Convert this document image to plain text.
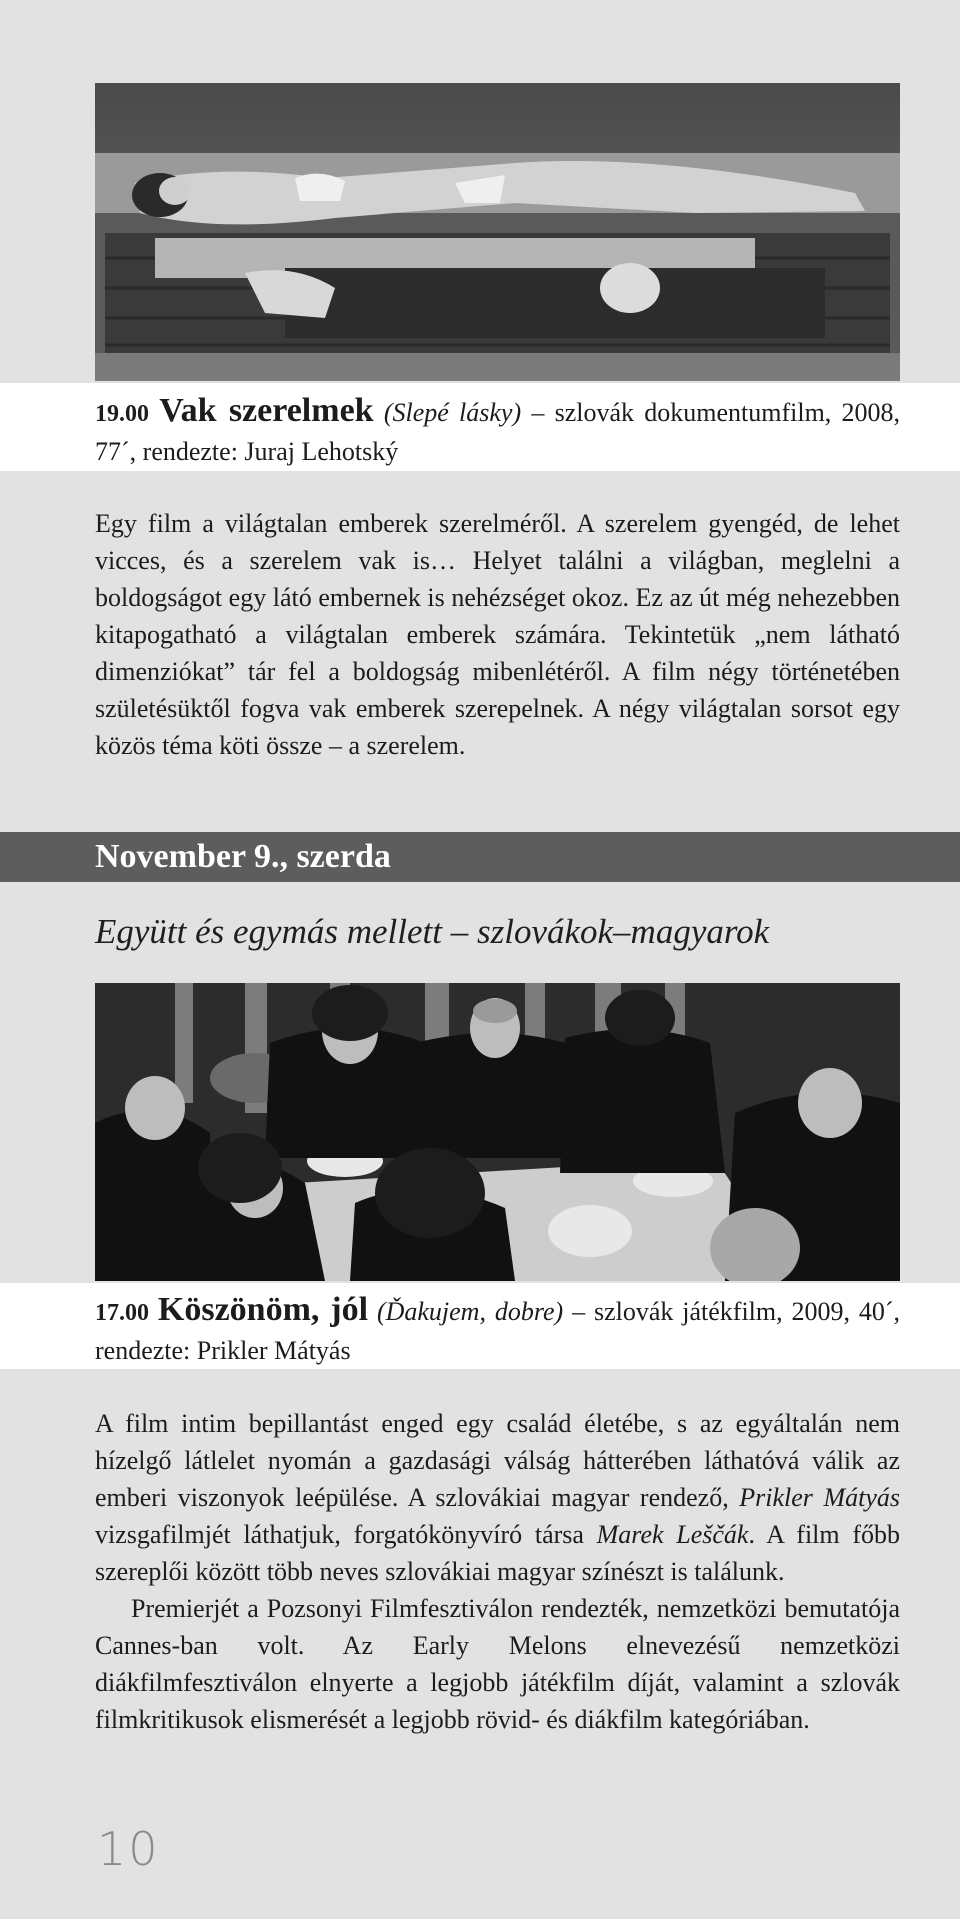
19.00 Vak szerelmek (Slepé lásky) – szlovák dokumentumfilm, 2008, 77´, rendezte: Juraj Lehotský
Egy film a világtalan emberek szerelméről. A szerelem gyengéd, de lehet vicces, és a szerelem vak is… Helyet találni a világban, meglelni a boldogságot egy látó embernek is nehézséget okoz. Ez az út még nehezebben kitapogatható a világtalan emberek számára. Tekintetük „nem látható dimenziókat” tár fel a boldogság mibenlétéről. A film négy történetében születésüktől fogva vak emberek szerepelnek. A négy világtalan sorsot egy közös téma köti össze – a szerelem.
November 9., szerda
Együtt és egymás mellett – szlovákok–magyarok
17.00 Köszönöm, jól (Ďakujem, dobre) – szlovák játékfilm, 2009, 40´, rendezte: Prikler Mátyás

A film intim bepillantást enged egy család életébe, s az egyáltalán nem hízelgő látlelet nyomán a gazdasági válság hátterében láthatóvá válik az emberi viszonyok leépülése. A szlovákiai magyar rendező, Prikler Mátyás vizsgafilmjét láthatjuk, forgatókönyvíró társa Marek Leščák. A film főbb szereplői között több neves szlovákiai magyar színészt is találunk.

Premierjét a Pozsonyi Filmfesztiválon rendezték, nemzetközi bemutatója Cannes-ban volt. Az Early Melons elnevezésű nemzetközi diákfilmfesztiválon elnyerte a legjobb játékfilm díját, valamint a szlovák filmkritikusok elismerését a legjobb rövid- és diákfilm kategóriában.

10
